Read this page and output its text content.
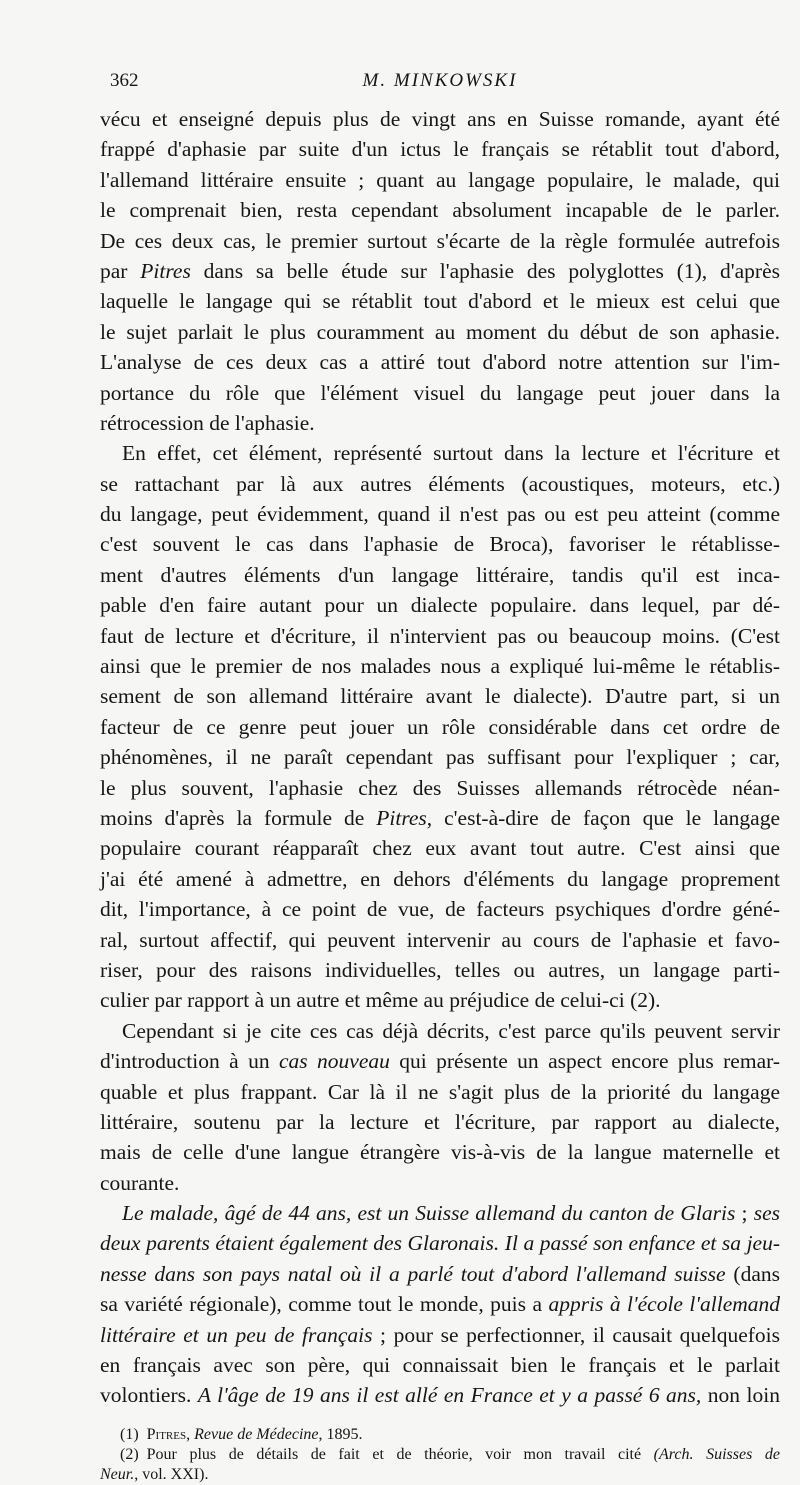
362	M. MINKOWSKI
vécu et enseigné depuis plus de vingt ans en Suisse romande, ayant été
frappé d'aphasie par suite d'un ictus le français se rétablit tout d'abord,
l'allemand littéraire ensuite ; quant au langage populaire, le malade, qui
le comprenait bien, resta cependant absolument incapable de le parler.
De ces deux cas, le premier surtout s'écarte de la règle formulée autrefois
par Pitres dans sa belle étude sur l'aphasie des polyglottes (1), d'après
laquelle le langage qui se rétablit tout d'abord et le mieux est celui que
le sujet parlait le plus couramment au moment du début de son aphasie.
L'analyse de ces deux cas a attiré tout d'abord notre attention sur l'im-
portance du rôle que l'élément visuel du langage peut jouer dans la
rétrocession de l'aphasie.
En effet, cet élément, représenté surtout dans la lecture et l'écriture et
se rattachant par là aux autres éléments (acoustiques, moteurs, etc.)
du langage, peut évidemment, quand il n'est pas ou est peu atteint (comme
c'est souvent le cas dans l'aphasie de Broca), favoriser le rétablisse-
ment d'autres éléments d'un langage littéraire, tandis qu'il est inca-
pable d'en faire autant pour un dialecte populaire. dans lequel, par dé-
faut de lecture et d'écriture, il n'intervient pas ou beaucoup moins. (C'est
ainsi que le premier de nos malades nous a expliqué lui-même le rétablis-
sement de son allemand littéraire avant le dialecte). D'autre part, si un
facteur de ce genre peut jouer un rôle considérable dans cet ordre de
phénomènes, il ne paraît cependant pas suffisant pour l'expliquer ; car,
le plus souvent, l'aphasie chez des Suisses allemands rétrocède néan-
moins d'après la formule de Pitres, c'est-à-dire de façon que le langage
populaire courant réapparaît chez eux avant tout autre. C'est ainsi que
j'ai été amené à admettre, en dehors d'éléments du langage proprement
dit, l'importance, à ce point de vue, de facteurs psychiques d'ordre géné-
ral, surtout affectif, qui peuvent intervenir au cours de l'aphasie et favo-
riser, pour des raisons individuelles, telles ou autres, un langage parti-
culier par rapport à un autre et même au préjudice de celui-ci (2).
Cependant si je cite ces cas déjà décrits, c'est parce qu'ils peuvent servir
d'introduction à un cas nouveau qui présente un aspect encore plus remar-
quable et plus frappant. Car là il ne s'agit plus de la priorité du langage
littéraire, soutenu par la lecture et l'écriture, par rapport au dialecte,
mais de celle d'une langue étrangère vis-à-vis de la langue maternelle et
courante.
Le malade, âgé de 44 ans, est un Suisse allemand du canton de Glaris ; ses
deux parents étaient également des Glaronais. Il a passé son enfance et sa jeu-
nesse dans son pays natal où il a parlé tout d'abord l'allemand suisse (dans
sa variété régionale), comme tout le monde, puis a appris à l'école l'allemand
littéraire et un peu de français ; pour se perfectionner, il causait quelquefois
en français avec son père, qui connaissait bien le français et le parlait
volontiers. A l'âge de 19 ans il est allé en France et y a passé 6 ans, non loin
(1) Pitres, Revue de Médecine, 1895.
(2) Pour plus de détails de fait et de théorie, voir mon travail cité (Arch. Suisses de
Neur., vol. XXI).
